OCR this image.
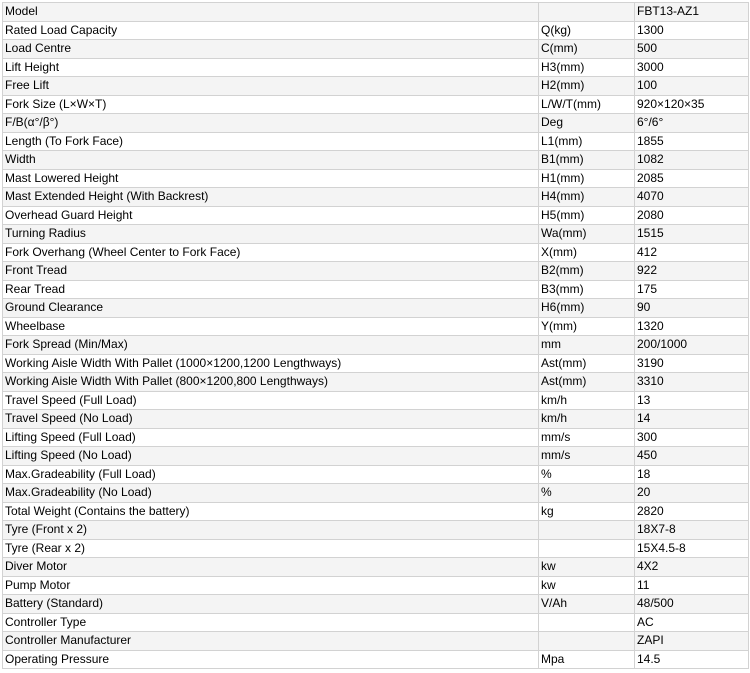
Model		FBT13-AZ1
Rated Load Capacity	Q(kg)	1300
Load Centre	C(mm)	500
Lift Height	H3(mm)	3000
Free Lift	H2(mm)	100
Fork Size (L×W×T)	L/W/T(mm)	920×120×35
F/B(α°/β°)	Deg	6°/6°
Length (To Fork Face)	L1(mm)	1855
Width	B1(mm)	1082
Mast Lowered Height	H1(mm)	2085
Mast Extended Height (With Backrest)	H4(mm)	4070
Overhead Guard Height	H5(mm)	2080
Turning Radius	Wa(mm)	1515
Fork Overhang (Wheel Center to Fork Face)	X(mm)	412
Front Tread	B2(mm)	922
Rear Tread	B3(mm)	175
Ground Clearance	H6(mm)	90
Wheelbase	Y(mm)	1320
Fork Spread (Min/Max)	mm	200/1000
Working Aisle Width With Pallet (1000×1200,1200 Lengthways)	Ast(mm)	3190
Working Aisle Width With Pallet (800×1200,800 Lengthways)	Ast(mm)	3310
Travel Speed (Full Load)	km/h	13
Travel Speed (No Load)	km/h	14
Lifting Speed (Full Load)	mm/s	300
Lifting Speed (No Load)	mm/s	450
Max.Gradeability (Full Load)	%	18
Max.Gradeability (No Load)	%	20
Total Weight (Contains the battery)	kg	2820
Tyre (Front x 2)		18X7-8
Tyre (Rear x 2)		15X4.5-8
Diver Motor	kw	4X2
Pump Motor	kw	11
Battery (Standard)	V/Ah	48/500
Controller Type		AC
Controller Manufacturer		ZAPI
Operating Pressure	Mpa	14.5
